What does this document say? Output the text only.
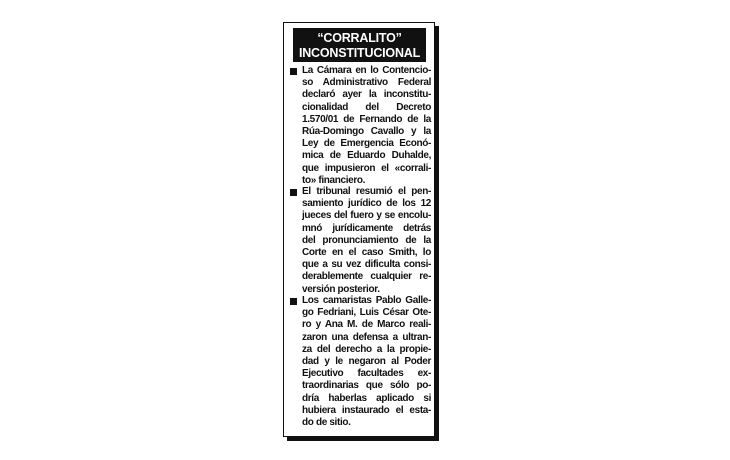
“CORRALITO”
INCONSTITUCIONAL
La Cámara en lo Contencio-
so Administrativo Federal
declaró ayer la inconstitu-
cionalidad del Decreto
1.570/01 de Fernando de la
Rúa-Domingo Cavallo y la
Ley de Emergencia Econó-
mica de Eduardo Duhalde,
que impusieron el «corrali-
to» financiero.
El tribunal resumió el pen-
samiento jurídico de los 12
jueces del fuero y se encolu-
mnó jurídicamente detrás
del pronunciamiento de la
Corte en el caso Smith, lo
que a su vez dificulta consi-
derablemente cualquier re-
versión posterior.
Los camaristas Pablo Galle-
go Fedriani, Luis César Ote-
ro y Ana M. de Marco reali-
zaron una defensa a ultran-
za del derecho a la propie-
dad y le negaron al Poder
Ejecutivo facultades ex-
traordinarias que sólo po-
dría haberlas aplicado si
hubiera instaurado el esta-
do de sitio.
